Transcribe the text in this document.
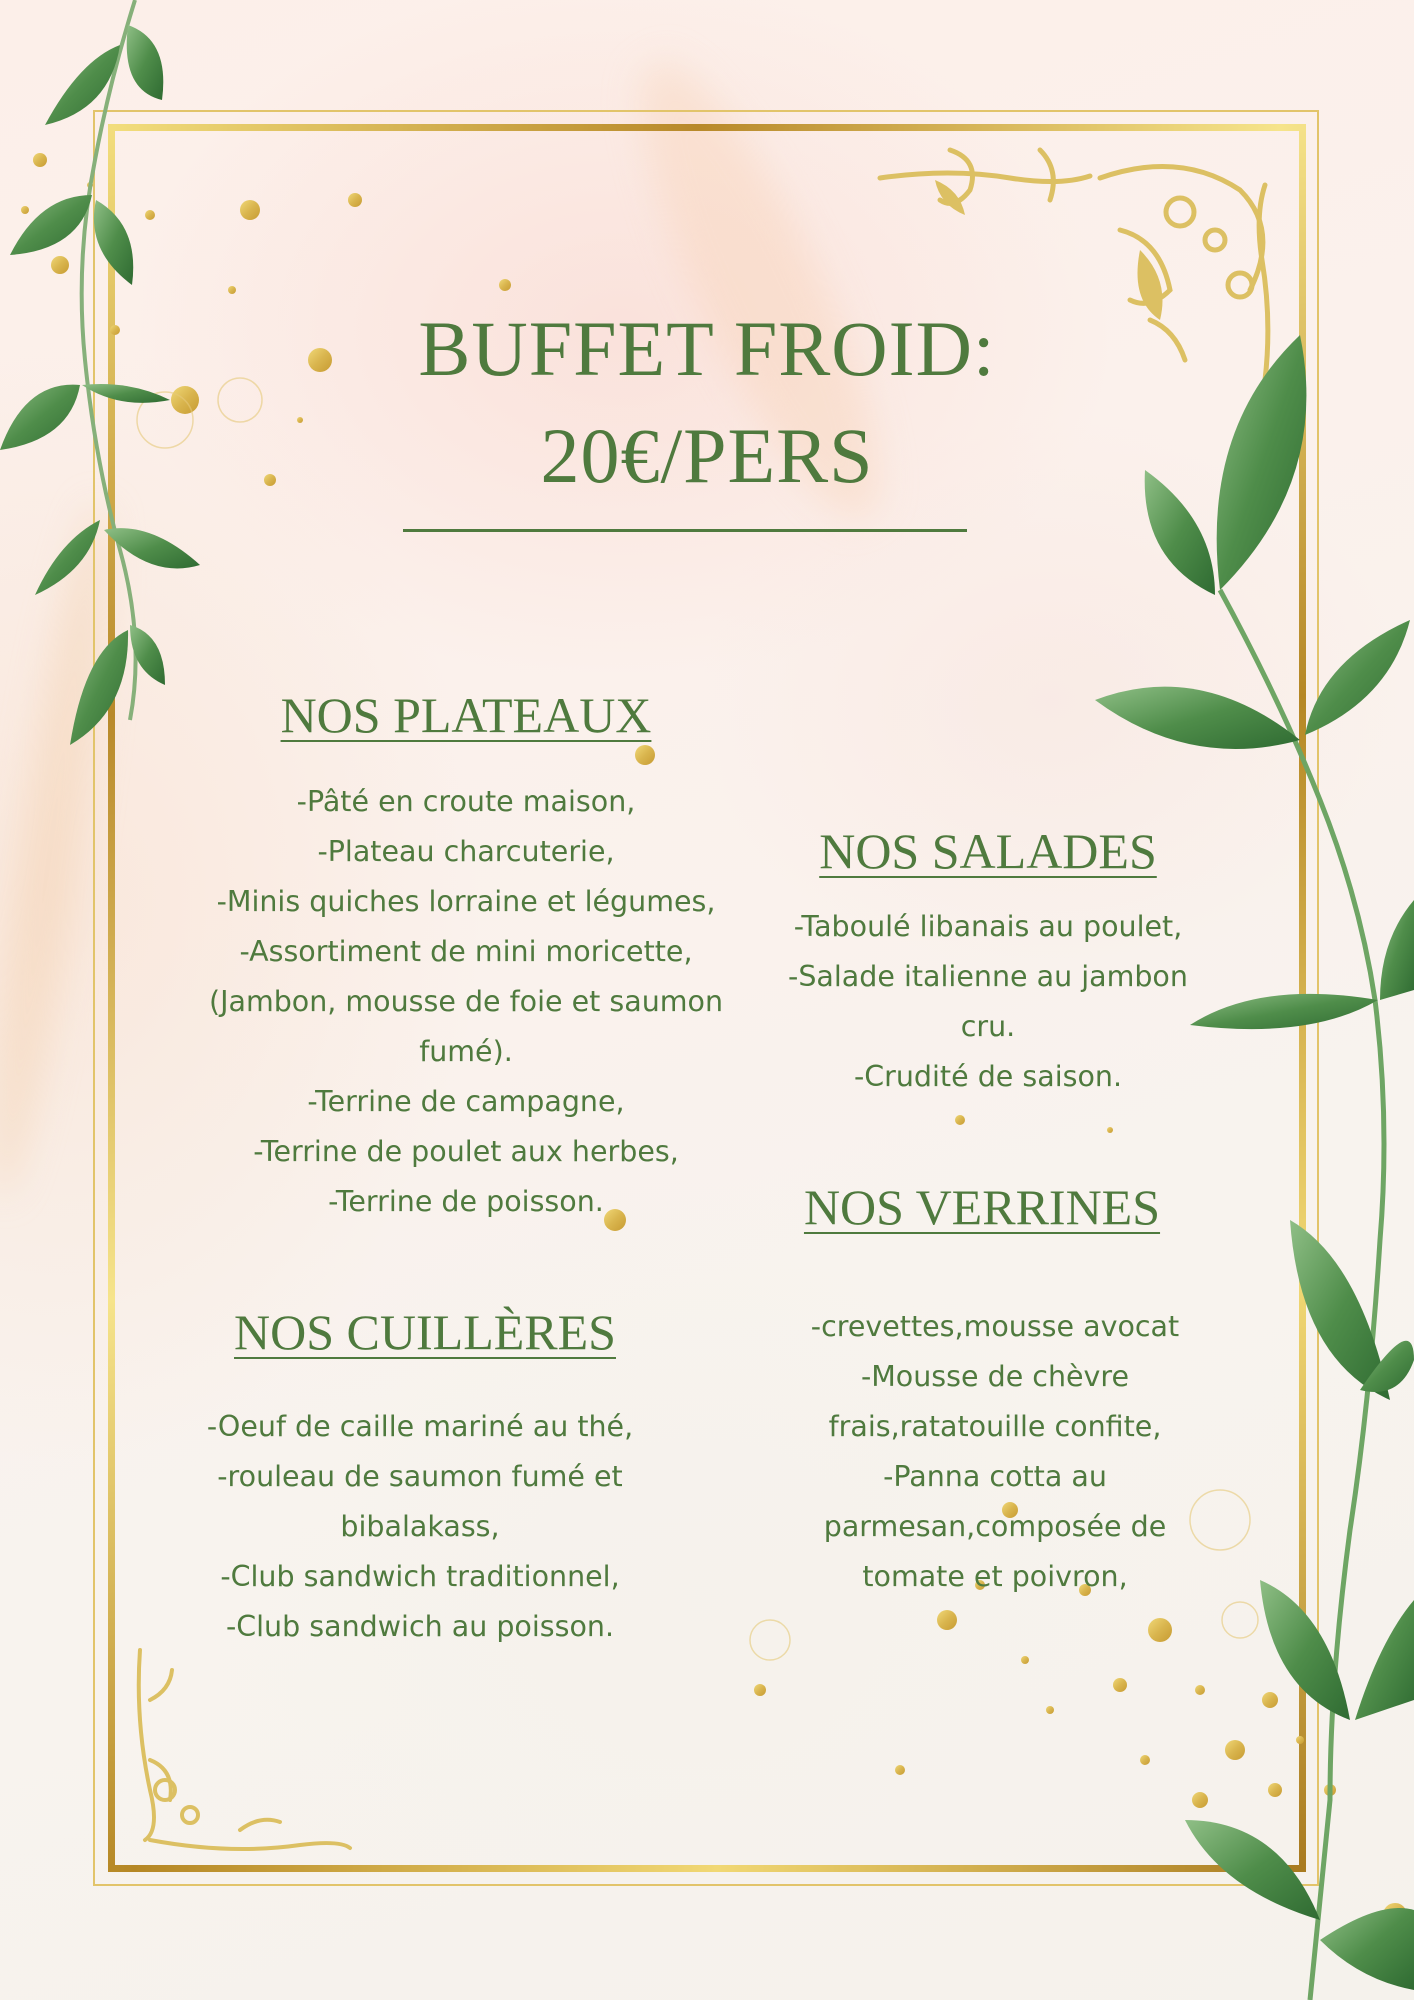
BUFFET FROID:
20€/PERS
NOS PLATEAUX
-Pâté en croute maison,
-Plateau charcuterie,
-Minis quiches lorraine et légumes,
-Assortiment de mini moricette,
(Jambon, mousse de foie et saumon
fumé).
-Terrine de campagne,
-Terrine de poulet aux herbes,
-Terrine de poisson.
NOS SALADES
-Taboulé libanais au poulet,
-Salade italienne au jambon
cru.
-Crudité de saison.
NOS VERRINES
-crevettes,mousse avocat
-Mousse de chèvre
frais,ratatouille confite,
-Panna cotta au
parmesan,composée de
tomate et poivron,
NOS CUILLÈRES
-Oeuf de caille mariné au thé,
-rouleau de saumon fumé et
bibalakass,
-Club sandwich traditionnel,
-Club sandwich au poisson.
